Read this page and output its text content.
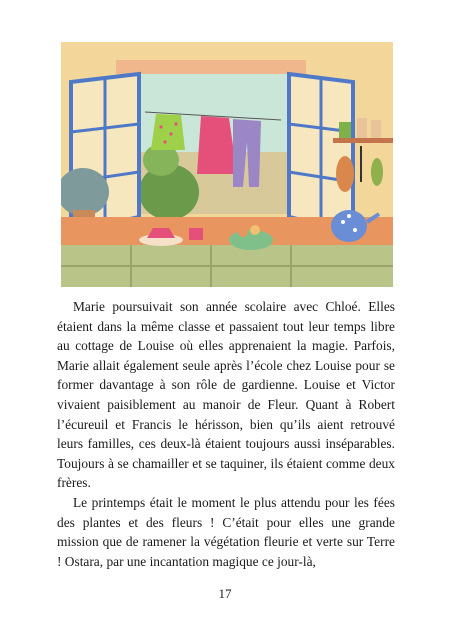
Marie poursuivait son année scolaire avec Chloé. Elles étaient dans la même classe et passaient tout leur temps libre au cottage de Louise où elles apprenaient la magie. Parfois, Marie allait également seule après l’école chez Louise pour se former davantage à son rôle de gardienne. Louise et Victor vivaient paisiblement au manoir de Fleur. Quant à Robert l’écureuil et Francis le hérisson, bien qu’ils aient retrouvé leurs familles, ces deux-là étaient toujours aussi inséparables. Toujours à se chamailler et se taquiner, ils étaient comme deux frères.

Le printemps était le moment le plus attendu pour les fées des plantes et des fleurs ! C’était pour elles une grande mission que de ramener la végétation fleurie et verte sur Terre ! Ostara, par une incantation magique ce jour-là,

17
